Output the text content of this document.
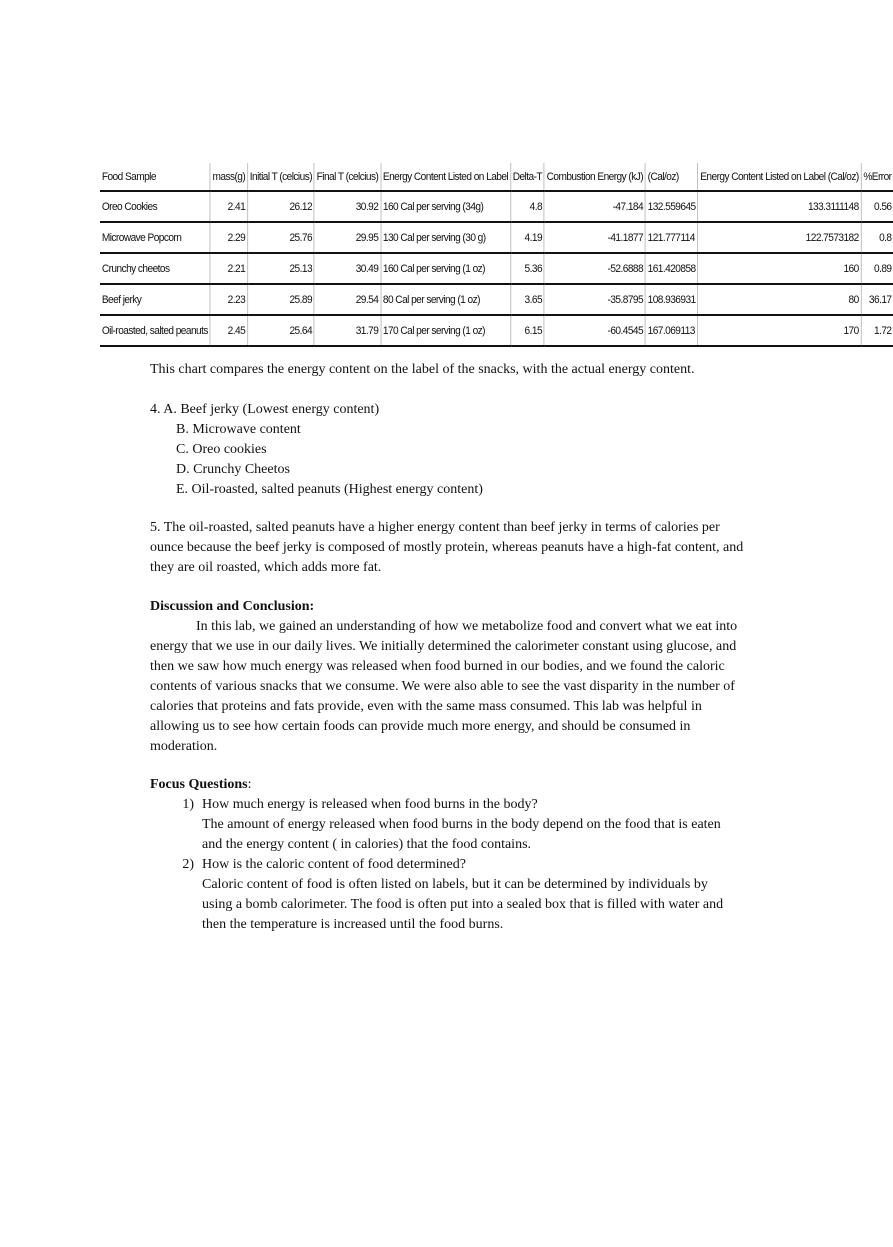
Food Sample	mass(g)	Initial T (celcius)	Final T (celcius)	Energy Content Listed on Label	Delta-T	Combustion Energy (kJ)	(Cal/oz)	Energy Content Listed on Label (Cal/oz)	%Error
Oreo Cookies	2.41	26.12	30.92	160 Cal per serving (34g)	4.8	-47.184	132.559645	133.3111148	0.56
Microwave Popcorn	2.29	25.76	29.95	130 Cal per serving (30 g)	4.19	-41.1877	121.777114	122.7573182	0.8
Crunchy cheetos	2.21	25.13	30.49	160 Cal per serving (1 oz)	5.36	-52.6888	161.420858	160	0.89
Beef jerky	2.23	25.89	29.54	80 Cal per serving (1 oz)	3.65	-35.8795	108.936931	80	36.17
Oil-roasted, salted peanuts	2.45	25.64	31.79	170 Cal per serving (1 oz)	6.15	-60.4545	167.069113	170	1.72
This chart compares the energy content on the label of the snacks, with the actual energy content.
4. A. Beef jerky (Lowest energy content)
B. Microwave content
C. Oreo cookies
D. Crunchy Cheetos
E. Oil-roasted, salted peanuts (Highest energy content)
5. The oil-roasted, salted peanuts have a higher energy content than beef jerky in terms of calories per ounce because the beef jerky is composed of mostly protein, whereas peanuts have a high-fat content, and they are oil roasted, which adds more fat.
Discussion and Conclusion:
In this lab, we gained an understanding of how we metabolize food and convert what we eat into energy that we use in our daily lives. We initially determined the calorimeter constant using glucose, and then we saw how much energy was released when food burned in our bodies, and we found the caloric contents of various snacks that we consume. We were also able to see the vast disparity in the number of calories that proteins and fats provide, even with the same mass consumed. This lab was helpful in allowing us to see how certain foods can provide much more energy, and should be consumed in moderation.
Focus Questions:
1) How much energy is released when food burns in the body?
The amount of energy released when food burns in the body depend on the food that is eaten and the energy content ( in calories) that the food contains.
2) How is the caloric content of food determined?
Caloric content of food is often listed on labels, but it can be determined by individuals by using a bomb calorimeter. The food is often put into a sealed box that is filled with water and then the temperature is increased until the food burns.
